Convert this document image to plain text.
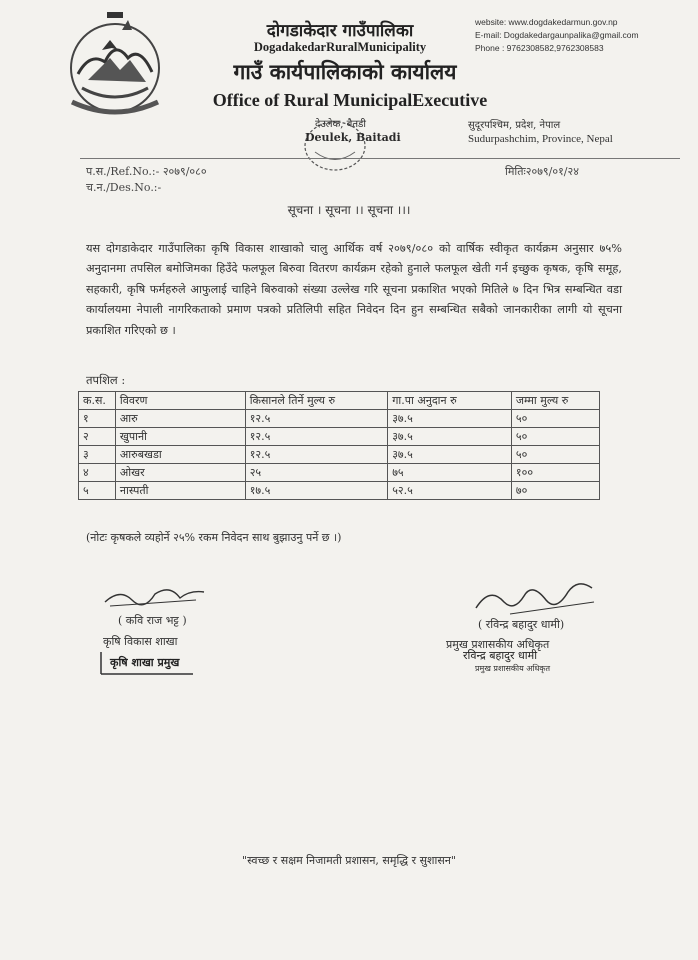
दोगडाकेदार गाउँपालिका
DogadakedarRuralMunicipality
गाउँ कार्यपालिकाको कार्यालय
Office of Rural MunicipalExecutive
website: www.dogdakedarmun.gov.np
E-mail: Dogdakedargaunpalika@gmail.com
Phone : 9762308582,9762308583
सुदूरपश्चिम, प्रदेश, नेपाल
Sudurpashchim, Province, Nepal
देउलेक, बैतडी
Deulek, Baitadi
प.स./Ref.No.:- २०७९/०८०
च.न./Des.No.:-
मितिः२०७९/०१/२४
सूचना । सूचना ।। सूचना ।।।
यस दोगडाकेदार गाउँपालिका कृषि विकास शाखाको चालु आर्थिक वर्ष २०७९/०८० को वार्षिक स्वीकृत कार्यक्रम अनुसार ७५% अनुदानमा तपसिल बमोजिमका हिउँदे फलफूल बिरुवा वितरण कार्यक्रम रहेको हुनाले फलफूल खेती गर्न इच्छुक कृषक, कृषि समूह, सहकारी, कृषि फर्महरुले आफुलाई चाहिने बिरुवाको संख्या उल्लेख गरि सूचना प्रकाशित भएको मितिले ७ दिन भित्र सम्बन्धित वडा कार्यालयमा नेपाली नागरिकताको प्रमाण पत्रको प्रतिलिपी सहित निवेदन दिन हुन सम्बन्धित सबैको जानकारीका लागी यो सूचना प्रकाशित गरिएको छ ।
तपशिल :
क.स.	विवरण	किसानले तिर्ने मुल्य रु	गा.पा अनुदान रु	जम्मा मुल्य रु
१	आरु	१२.५	३७.५	५०
२	खुपानी	१२.५	३७.५	५०
३	आरुबखडा	१२.५	३७.५	५०
४	ओखर	२५	७५	१००
५	नास्पती	१७.५	५२.५	७०
(नोटः कृषकले व्यहोर्ने २५% रकम निवेदन साथ बुझाउनु पर्ने छ ।)
( कवि राज भट्ट )
कृषि विकास शाखा
कृषि शाखा प्रमुख
( रविन्द्र बहादुर धामी)
प्रमुख प्रशासकीय अधिकृत
रविन्द्र बहादुर धामी
प्रमुख प्रशासकीय अधिकृत
"स्वच्छ र सक्षम निजामती प्रशासन, समृद्धि र सुशासन"
